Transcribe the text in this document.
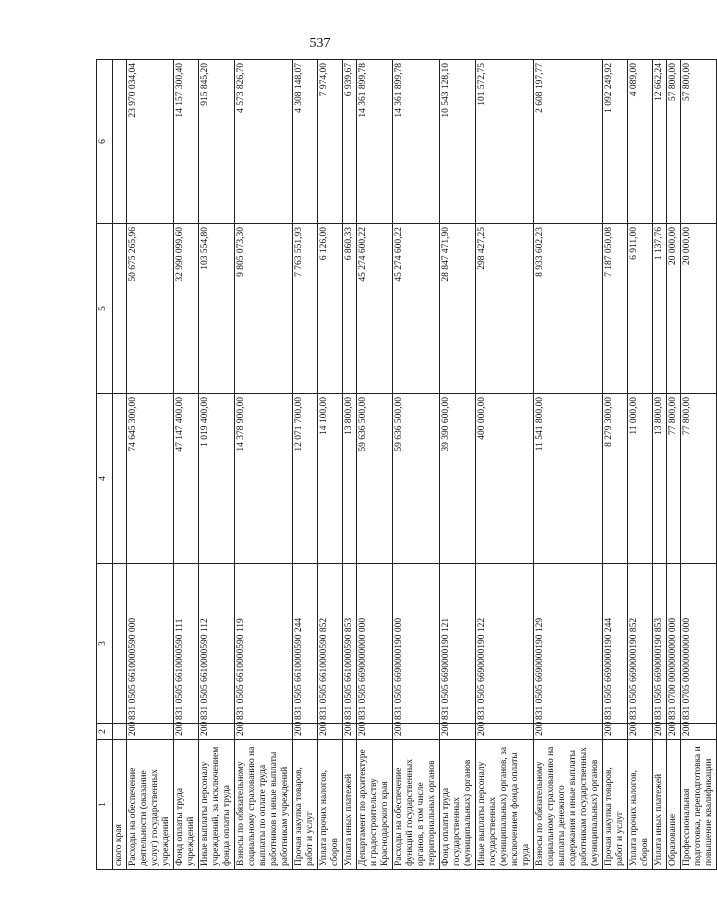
537
1	2	3	4	5	6
ского края					
Расходы на обеспечение деятельности (оказание услуг) государственных учреждений	200	831 0505 6610000590 000	74 645 300,00	50 675 265,96	23 970 034,04
Фонд оплаты труда учреждений	200	831 0505 6610000590 111	47 147 400,00	32 990 099,60	14 157 300,40
Иные выплаты персоналу учреждений, за исключением фонда оплаты труда	200	831 0505 6610000590 112	1 019 400,00	103 554,80	915 845,20
Взносы по обязательному социальному страхованию на выплаты по оплате труда работников и иные выплаты работникам учреждений	200	831 0505 6610000590 119	14 378 900,00	9 805 073,30	4 573 826,70
Прочая закупка товаров, работ и услуг	200	831 0505 6610000590 244	12 071 700,00	7 763 551,93	4 308 148,07
Уплата прочих налогов, сборов	200	831 0505 6610000590 852	14 100,00	6 126,00	7 974,00
Уплата иных платежей	200	831 0505 6610000590 853	13 800,00	6 860,33	6 939,67
Департамент по архитектуре и градостроительству Краснодарского края	200	831 0505 6690000000 000	59 636 500,00	45 274 600,22	14 361 899,78
Расходы на обеспечение функций государственных органов, в том числе территориальных органов	200	831 0505 6690000190 000	59 636 500,00	45 274 600,22	14 361 899,78
Фонд оплаты труда государственных (муниципальных) органов	200	831 0505 6690000190 121	39 390 600,00	28 847 471,90	10 543 128,10
Иные выплаты персоналу государственных (муниципальных) органов, за исключением фонда оплаты труда	200	831 0505 6690000190 122	400 000,00	298 427,25	101 572,75
Взносы по обязательному социальному страхованию на выплаты денежного содержания и иные выплаты работникам государственных (муниципальных) органов	200	831 0505 6690000190 129	11 541 800,00	8 933 602,23	2 608 197,77
Прочая закупка товаров, работ и услуг	200	831 0505 6690000190 244	8 279 300,00	7 187 050,08	1 092 249,92
Уплата прочих налогов, сборов	200	831 0505 6690000190 852	11 000,00	6 911,00	4 089,00
Уплата иных платежей	200	831 0505 6690000190 853	13 800,00	1 137,76	12 662,24
Образование	200	831 0700 0000000000 000	77 800,00	20 000,00	57 800,00
Профессиональная подготовка, переподготовка и повышение квалификации	200	831 0705 0000000000 000	77 800,00	20 000,00	57 800,00
